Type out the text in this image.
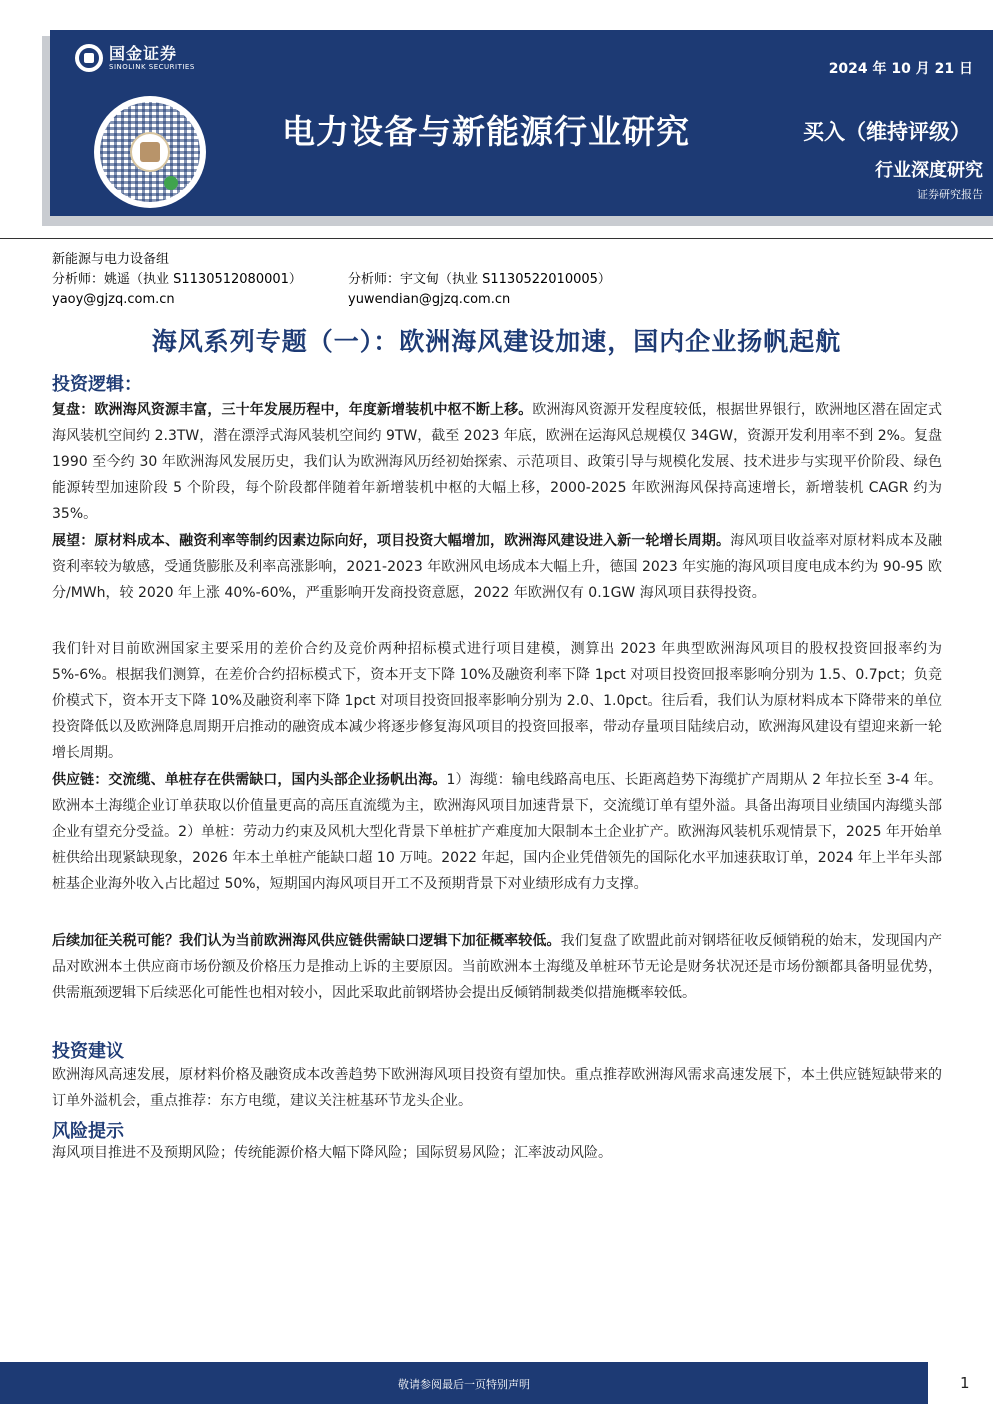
国金证券
SINOLINK SECURITIES	2024 年 10 月 21 日
电力设备与新能源行业研究	买入（维持评级）
行业深度研究
证券研究报告
新能源与电力设备组
分析师：姚遥（执业 S1130512080001）	分析师：宇文甸（执业 S1130522010005）
yaoy@gjzq.com.cn	yuwendian@gjzq.com.cn
海风系列专题（一）：欧洲海风建设加速，国内企业扬帆起航
投资逻辑：

复盘：欧洲海风资源丰富，三十年发展历程中，年度新增装机中枢不断上移。欧洲海风资源开发程度较低，根据世界银行，欧洲地区潜在固定式海风装机空间约 2.3TW，潜在漂浮式海风装机空间约 9TW，截至 2023 年底，欧洲在运海风总规模仅 34GW，资源开发利用率不到 2%。复盘 1990 至今约 30 年欧洲海风发展历史，我们认为欧洲海风历经初始探索、示范项目、政策引导与规模化发展、技术进步与实现平价阶段、绿色能源转型加速阶段 5 个阶段，每个阶段都伴随着年新增装机中枢的大幅上移，2000-2025 年欧洲海风保持高速增长，新增装机 CAGR 约为 35%。

展望：原材料成本、融资利率等制约因素边际向好，项目投资大幅增加，欧洲海风建设进入新一轮增长周期。海风项目收益率对原材料成本及融资利率较为敏感，受通货膨胀及利率高涨影响，2021-2023 年欧洲风电场成本大幅上升，德国 2023 年实施的海风项目度电成本约为 90-95 欧分/MWh，较 2020 年上涨 40%-60%，严重影响开发商投资意愿，2022 年欧洲仅有 0.1GW 海风项目获得投资。

我们针对目前欧洲国家主要采用的差价合约及竞价两种招标模式进行项目建模，测算出 2023 年典型欧洲海风项目的股权投资回报率约为 5%-6%。根据我们测算，在差价合约招标模式下，资本开支下降 10%及融资利率下降 1pct 对项目投资回报率影响分别为 1.5、0.7pct；负竞价模式下，资本开支下降 10%及融资利率下降 1pct 对项目投资回报率影响分别为 2.0、1.0pct。往后看，我们认为原材料成本下降带来的单位投资降低以及欧洲降息周期开启推动的融资成本减少将逐步修复海风项目的投资回报率，带动存量项目陆续启动，欧洲海风建设有望迎来新一轮增长周期。

供应链：交流缆、单桩存在供需缺口，国内头部企业扬帆出海。1）海缆：输电线路高电压、长距离趋势下海缆扩产周期从 2 年拉长至 3-4 年。欧洲本土海缆企业订单获取以价值量更高的高压直流缆为主，欧洲海风项目加速背景下，交流缆订单有望外溢。具备出海项目业绩国内海缆头部企业有望充分受益。2）单桩：劳动力约束及风机大型化背景下单桩扩产难度加大限制本土企业扩产。欧洲海风装机乐观情景下，2025 年开始单桩供给出现紧缺现象，2026 年本土单桩产能缺口超 10 万吨。2022 年起，国内企业凭借领先的国际化水平加速获取订单，2024 年上半年头部桩基企业海外收入占比超过 50%，短期国内海风项目开工不及预期背景下对业绩形成有力支撑。

后续加征关税可能？我们认为当前欧洲海风供应链供需缺口逻辑下加征概率较低。我们复盘了欧盟此前对钢塔征收反倾销税的始末，发现国内产品对欧洲本土供应商市场份额及价格压力是推动上诉的主要原因。当前欧洲本土海缆及单桩环节无论是财务状况还是市场份额都具备明显优势，供需瓶颈逻辑下后续恶化可能性也相对较小，因此采取此前钢塔协会提出反倾销制裁类似措施概率较低。

投资建议

欧洲海风高速发展，原材料价格及融资成本改善趋势下欧洲海风项目投资有望加快。重点推荐欧洲海风需求高速发展下，本土供应链短缺带来的订单外溢机会，重点推荐：东方电缆，建议关注桩基环节龙头企业。

风险提示

海风项目推进不及预期风险；传统能源价格大幅下降风险；国际贸易风险；汇率波动风险。

敬请参阅最后一页特别声明	1
